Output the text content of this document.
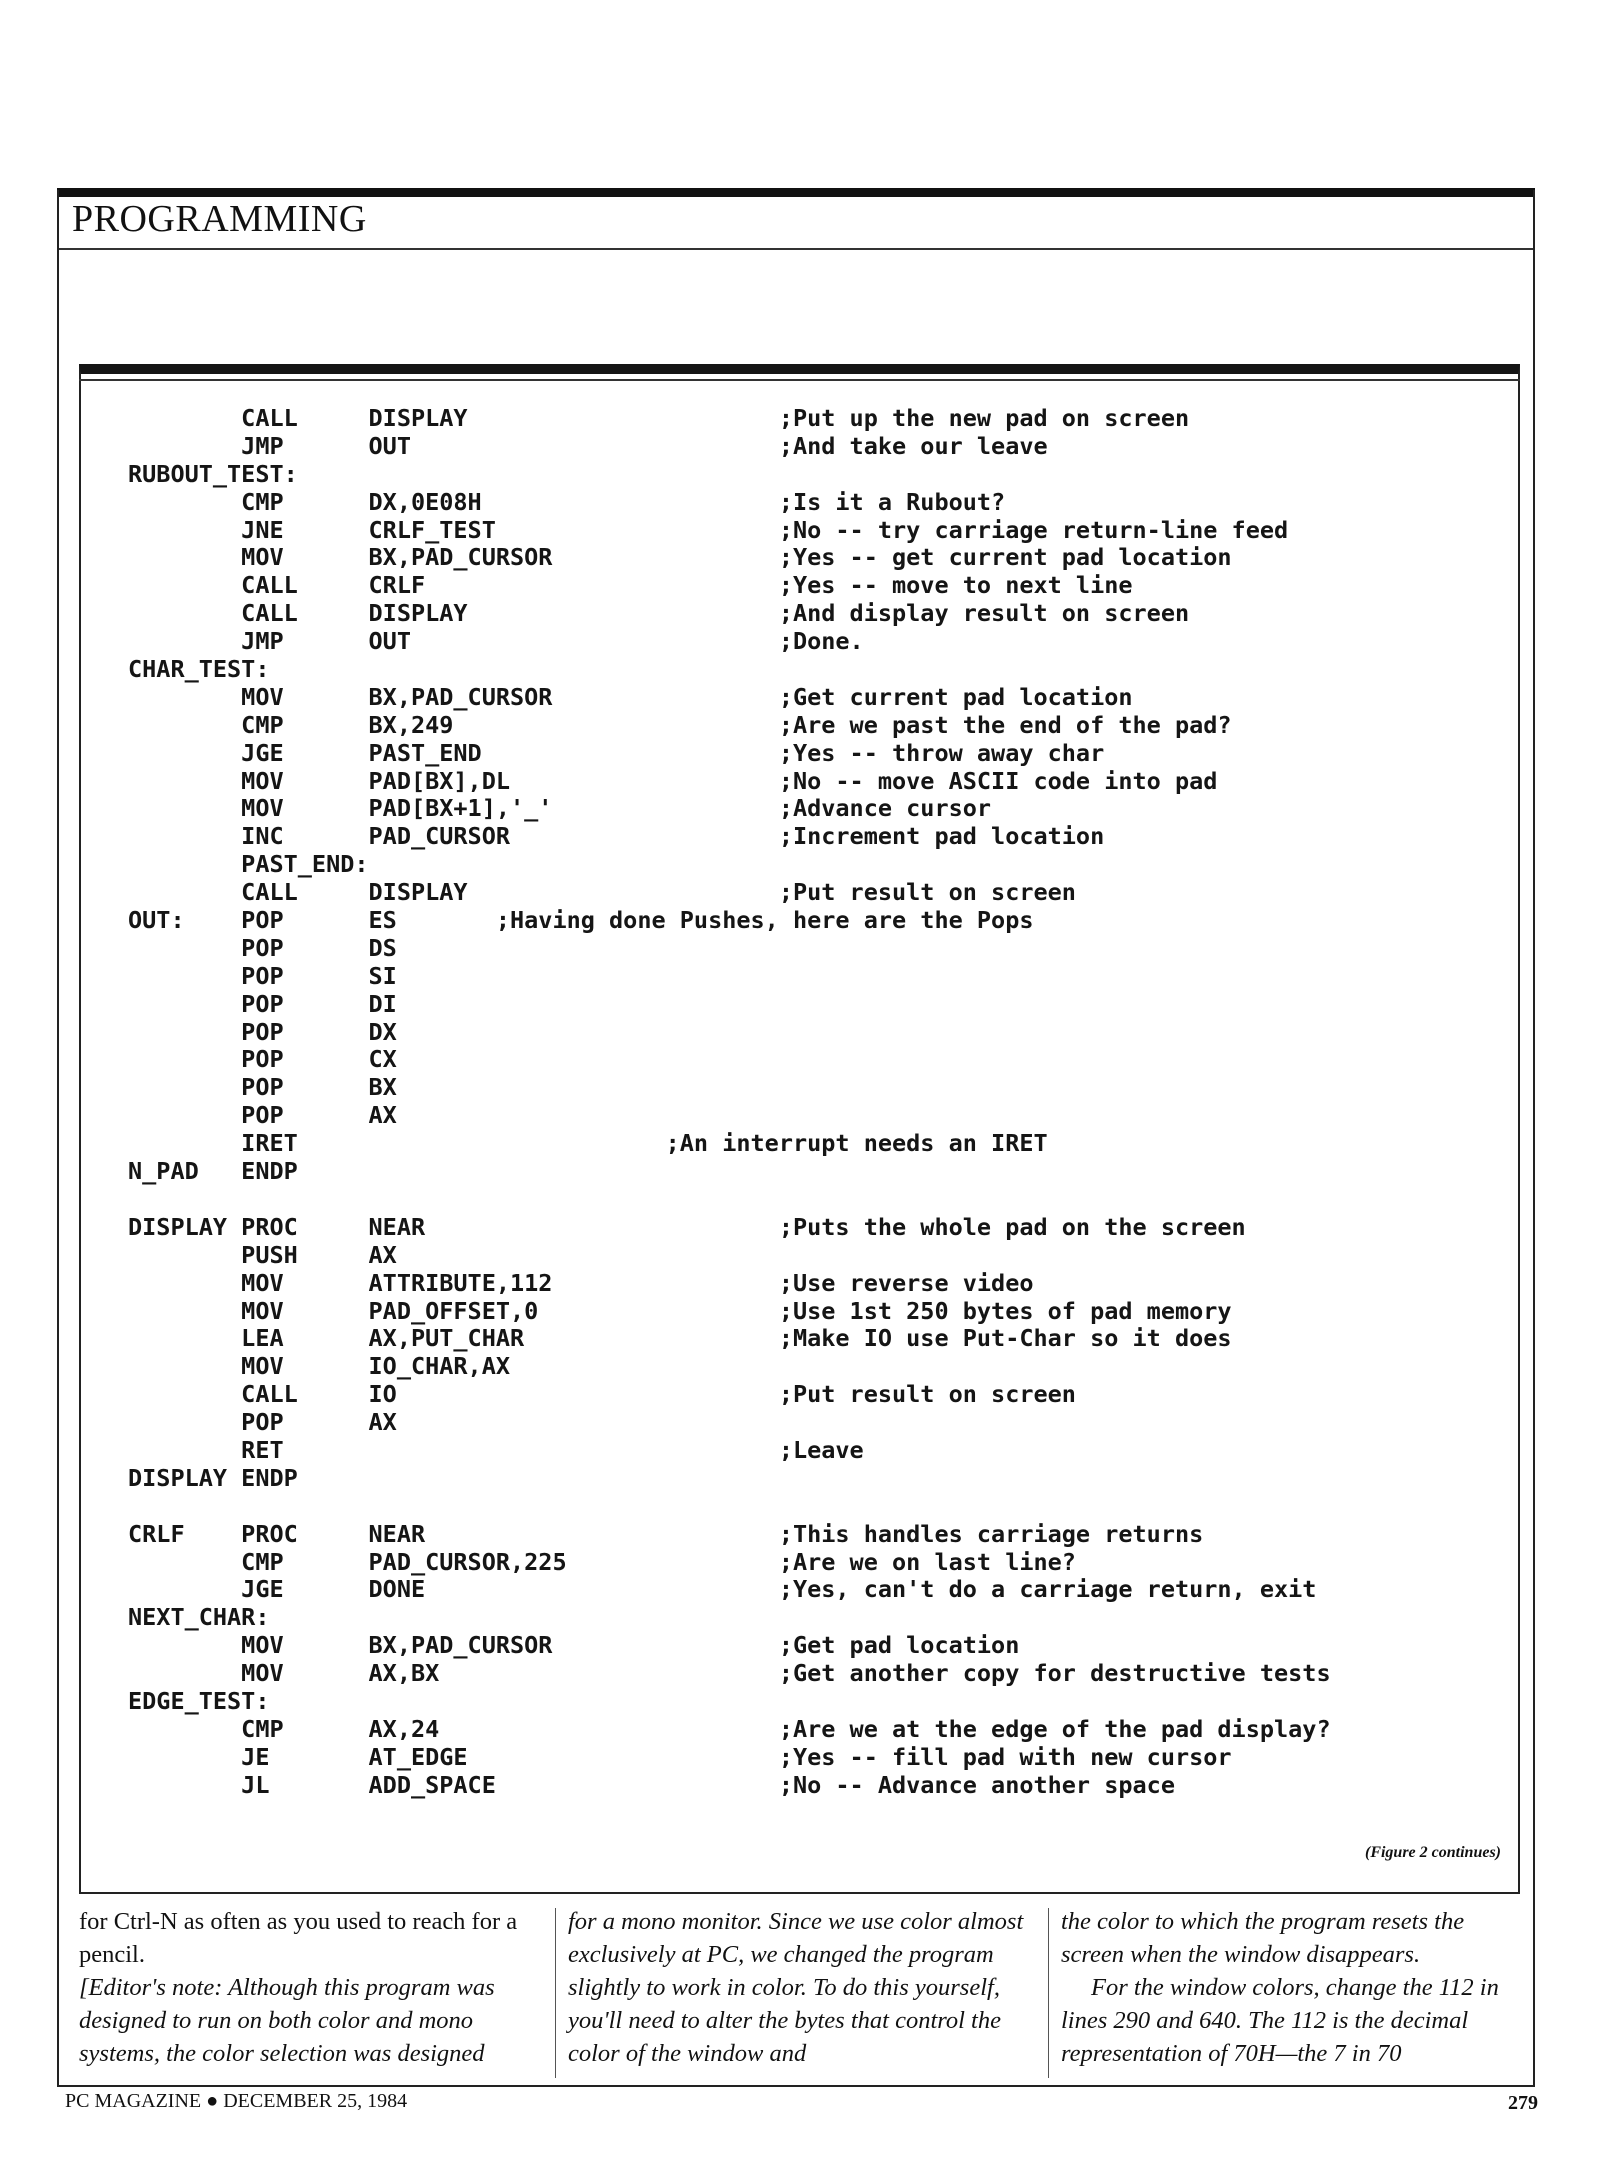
PROGRAMMING
CALL     DISPLAY                      ;Put up the new pad on screen
JMP      OUT                          ;And take our leave
RUBOUT_TEST:
CMP      DX,0E08H                     ;Is it a Rubout?
JNE      CRLF_TEST                    ;No -- try carriage return-line feed
MOV      BX,PAD_CURSOR                ;Yes -- get current pad location
CALL     CRLF                         ;Yes -- move to next line
CALL     DISPLAY                      ;And display result on screen
JMP      OUT                          ;Done.
CHAR_TEST:
MOV      BX,PAD_CURSOR                ;Get current pad location
CMP      BX,249                       ;Are we past the end of the pad?
JGE      PAST_END                     ;Yes -- throw away char
MOV      PAD[BX],DL                   ;No -- move ASCII code into pad
MOV      PAD[BX+1],'_'                ;Advance cursor
INC      PAD_CURSOR                   ;Increment pad location
PAST_END:
CALL     DISPLAY                      ;Put result on screen
OUT:    POP      ES       ;Having done Pushes, here are the Pops
POP      DS
POP      SI
POP      DI
POP      DX
POP      CX
POP      BX
POP      AX
IRET                          ;An interrupt needs an IRET
N_PAD   ENDP
DISPLAY PROC     NEAR                         ;Puts the whole pad on the screen
PUSH     AX
MOV      ATTRIBUTE,112                ;Use reverse video
MOV      PAD_OFFSET,0                 ;Use 1st 250 bytes of pad memory
LEA      AX,PUT_CHAR                  ;Make IO use Put-Char so it does
MOV      IO_CHAR,AX
CALL     IO                           ;Put result on screen
POP      AX
RET                                   ;Leave
DISPLAY ENDP
CRLF    PROC     NEAR                         ;This handles carriage returns
CMP      PAD_CURSOR,225               ;Are we on last line?
JGE      DONE                         ;Yes, can't do a carriage return, exit
NEXT_CHAR:
MOV      BX,PAD_CURSOR                ;Get pad location
MOV      AX,BX                        ;Get another copy for destructive tests
EDGE_TEST:
CMP      AX,24                        ;Are we at the edge of the pad display?
JE       AT_EDGE                      ;Yes -- fill pad with new cursor
JL       ADD_SPACE                    ;No -- Advance another space
(Figure 2 continues)

for Ctrl-N as often as you used to reach for a pencil.

[Editor's note: Although this program was designed to run on both color and mono systems, the color selection was designed

for a mono monitor. Since we use color almost exclusively at PC, we changed the program slightly to work in color. To do this yourself, you'll need to alter the bytes that control the color of the window and

the color to which the program resets the screen when the window disappears.

For the window colors, change the 112 in lines 290 and 640. The 112 is the decimal representation of 70H—the 7 in 70

PC MAGAZINE ● DECEMBER 25, 1984	279
